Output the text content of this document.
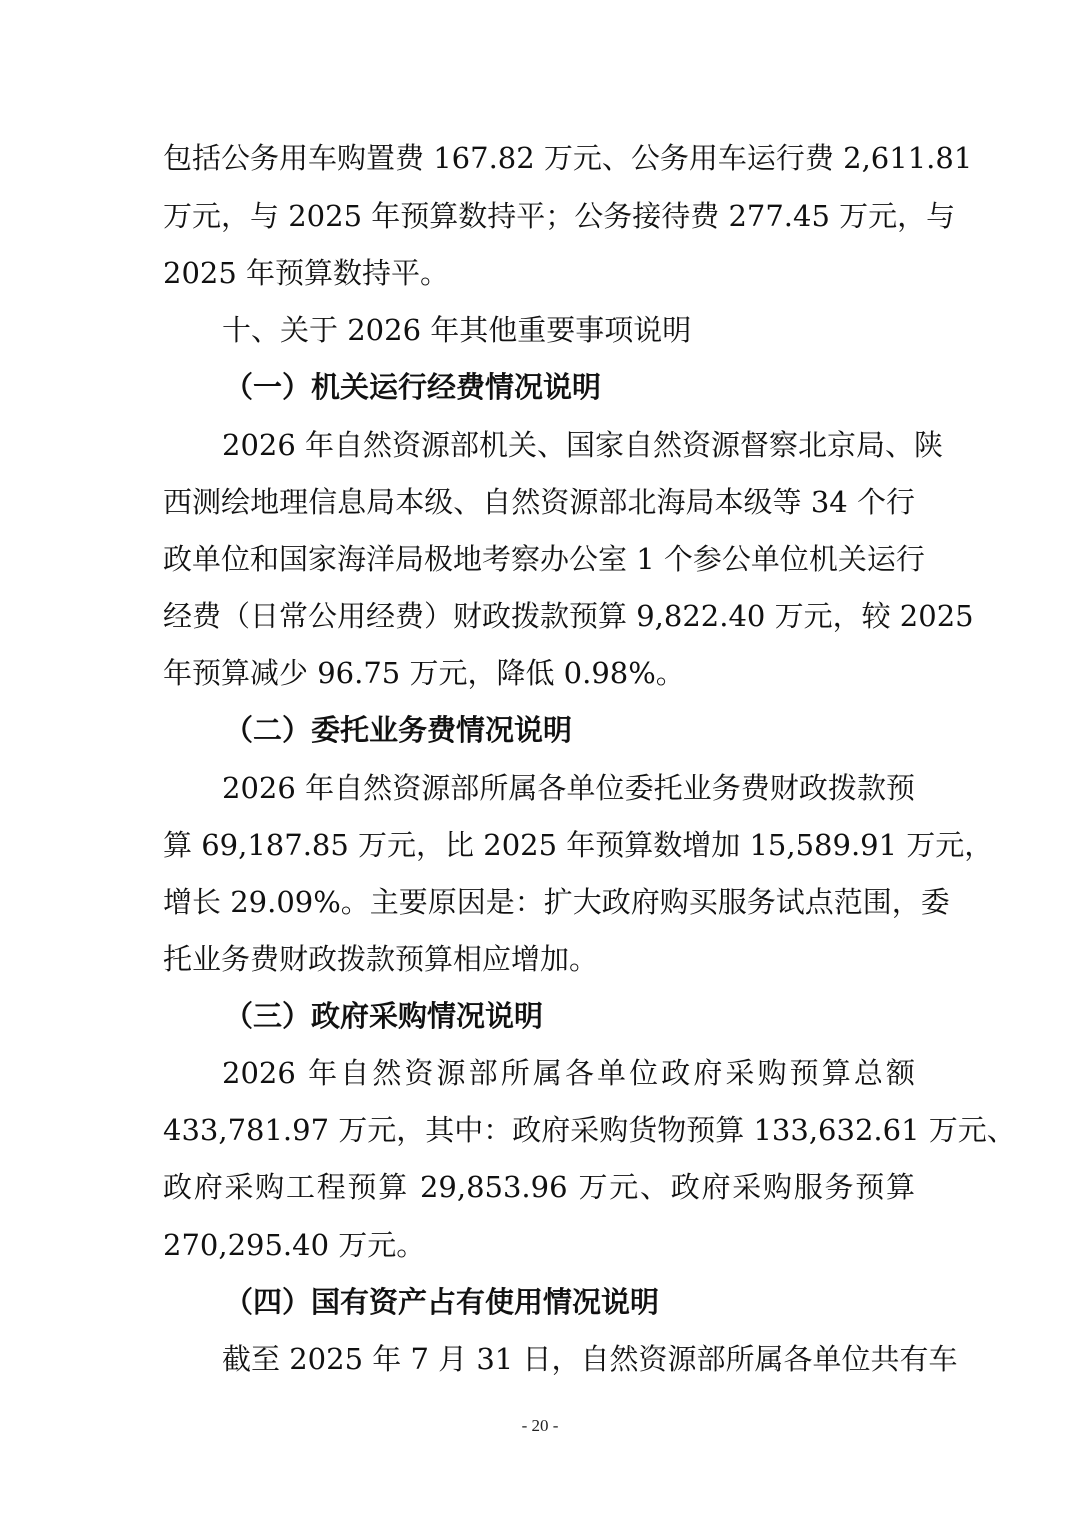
包括公务用车购置费 167.82 万元、公务用车运行费 2,611.81
万元，与 2025 年预算数持平；公务接待费 277.45 万元，与
2025 年预算数持平。
十、关于 2026 年其他重要事项说明
（一）机关运行经费情况说明
2026 年自然资源部机关、国家自然资源督察北京局、陕
西测绘地理信息局本级、自然资源部北海局本级等 34 个行
政单位和国家海洋局极地考察办公室 1 个参公单位机关运行
经费（日常公用经费）财政拨款预算 9,822.40 万元，较 2025
年预算减少 96.75 万元，降低 0.98%。
（二）委托业务费情况说明
2026 年自然资源部所属各单位委托业务费财政拨款预
算 69,187.85 万元，比 2025 年预算数增加 15,589.91 万元，
增长 29.09%。主要原因是：扩大政府购买服务试点范围，委
托业务费财政拨款预算相应增加。
（三）政府采购情况说明
2026 年自然资源部所属各单位政府采购预算总额
433,781.97 万元，其中：政府采购货物预算 133,632.61 万元、
政府采购工程预算 29,853.96 万元、政府采购服务预算
270,295.40 万元。
（四）国有资产占有使用情况说明
截至 2025 年 7 月 31 日，自然资源部所属各单位共有车
- 20 -
